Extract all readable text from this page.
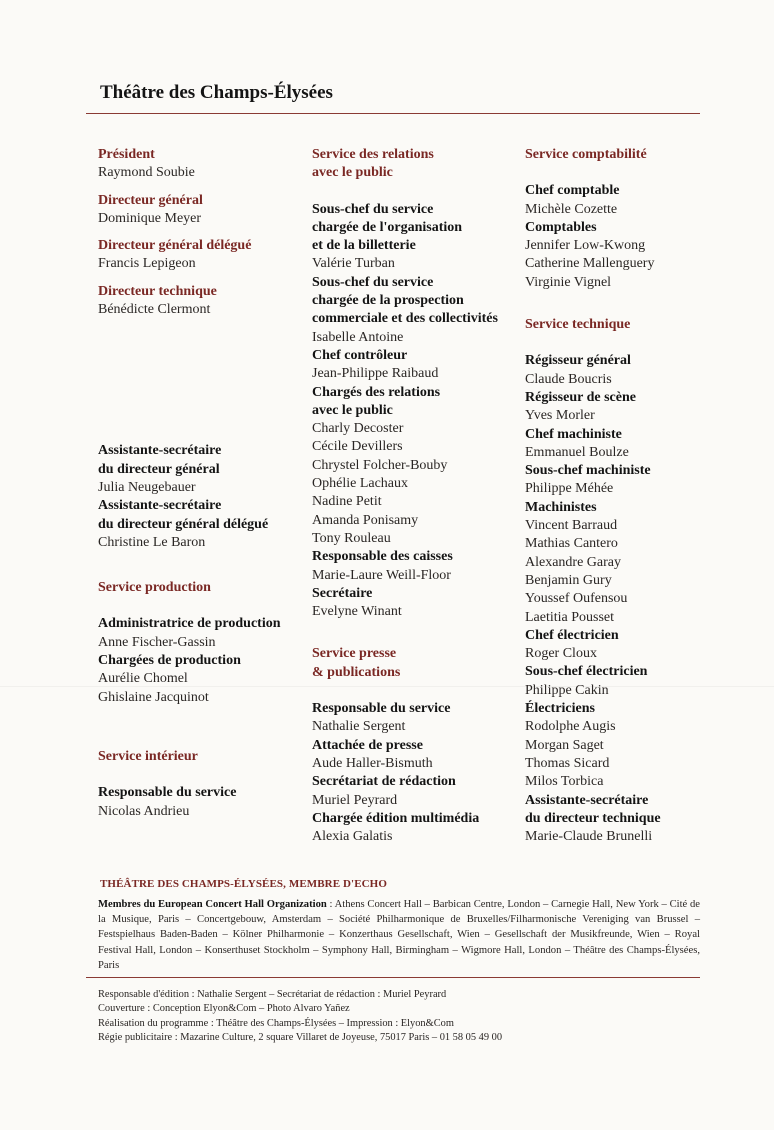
Théâtre des Champs-Élysées
Président
Raymond Soubie
Directeur général
Dominique Meyer
Directeur général délégué
Francis Lepigeon
Directeur technique
Bénédicte Clermont
Assistante-secrétaire
du directeur général
Julia Neugebauer
Assistante-secrétaire
du directeur général délégué
Christine Le Baron
Service production
Administratrice de production
Anne Fischer-Gassin
Chargées de production
Aurélie Chomel
Ghislaine Jacquinot
Service intérieur
Responsable du service
Nicolas Andrieu
Service des relations
avec le public
Sous-chef du service
chargée de l'organisation
et de la billetterie
Valérie Turban
Sous-chef du service
chargée de la prospection
commerciale et des collectivités
Isabelle Antoine
Chef contrôleur
Jean-Philippe Raibaud
Chargés des relations
avec le public
Charly Decoster
Cécile Devillers
Chrystel Folcher-Bouby
Ophélie Lachaux
Nadine Petit
Amanda Ponisamy
Tony Rouleau
Responsable des caisses
Marie-Laure Weill-Floor
Secrétaire
Evelyne Winant
Service presse
& publications
Responsable du service
Nathalie Sergent
Attachée de presse
Aude Haller-Bismuth
Secrétariat de rédaction
Muriel Peyrard
Chargée édition multimédia
Alexia Galatis
Service comptabilité
Chef comptable
Michèle Cozette
Comptables
Jennifer Low-Kwong
Catherine Mallenguery
Virginie Vignel
Service technique
Régisseur général
Claude Boucris
Régisseur de scène
Yves Morler
Chef machiniste
Emmanuel Boulze
Sous-chef machiniste
Philippe Méhée
Machinistes
Vincent Barraud
Mathias Cantero
Alexandre Garay
Benjamin Gury
Youssef Oufensou
Laetitia Pousset
Chef électricien
Roger Cloux
Sous-chef électricien
Philippe Cakin
Électriciens
Rodolphe Augis
Morgan Saget
Thomas Sicard
Milos Torbica
Assistante-secrétaire
du directeur technique
Marie-Claude Brunelli
THÉÂTRE DES CHAMPS-ÉLYSÉES, MEMBRE D'ECHO
Membres du European Concert Hall Organization : Athens Concert Hall – Barbican Centre, London – Carnegie Hall, New York – Cité de la Musique, Paris – Concertgebouw, Amsterdam – Société Philharmonique de Bruxelles/Filharmonische Vereniging van Brussel – Festspielhaus Baden-Baden – Kölner Philharmonie – Konzerthaus Gesellschaft, Wien – Gesellschaft der Musikfreunde, Wien – Royal Festival Hall, London – Konserthuset Stockholm – Symphony Hall, Birmingham – Wigmore Hall, London – Théâtre des Champs-Élysées, Paris
Responsable d'édition : Nathalie Sergent – Secrétariat de rédaction : Muriel Peyrard
Couverture : Conception Elyon&Com – Photo Alvaro Yañez
Réalisation du programme : Théâtre des Champs-Élysées – Impression : Elyon&Com
Régie publicitaire : Mazarine Culture, 2 square Villaret de Joyeuse, 75017 Paris – 01 58 05 49 00
